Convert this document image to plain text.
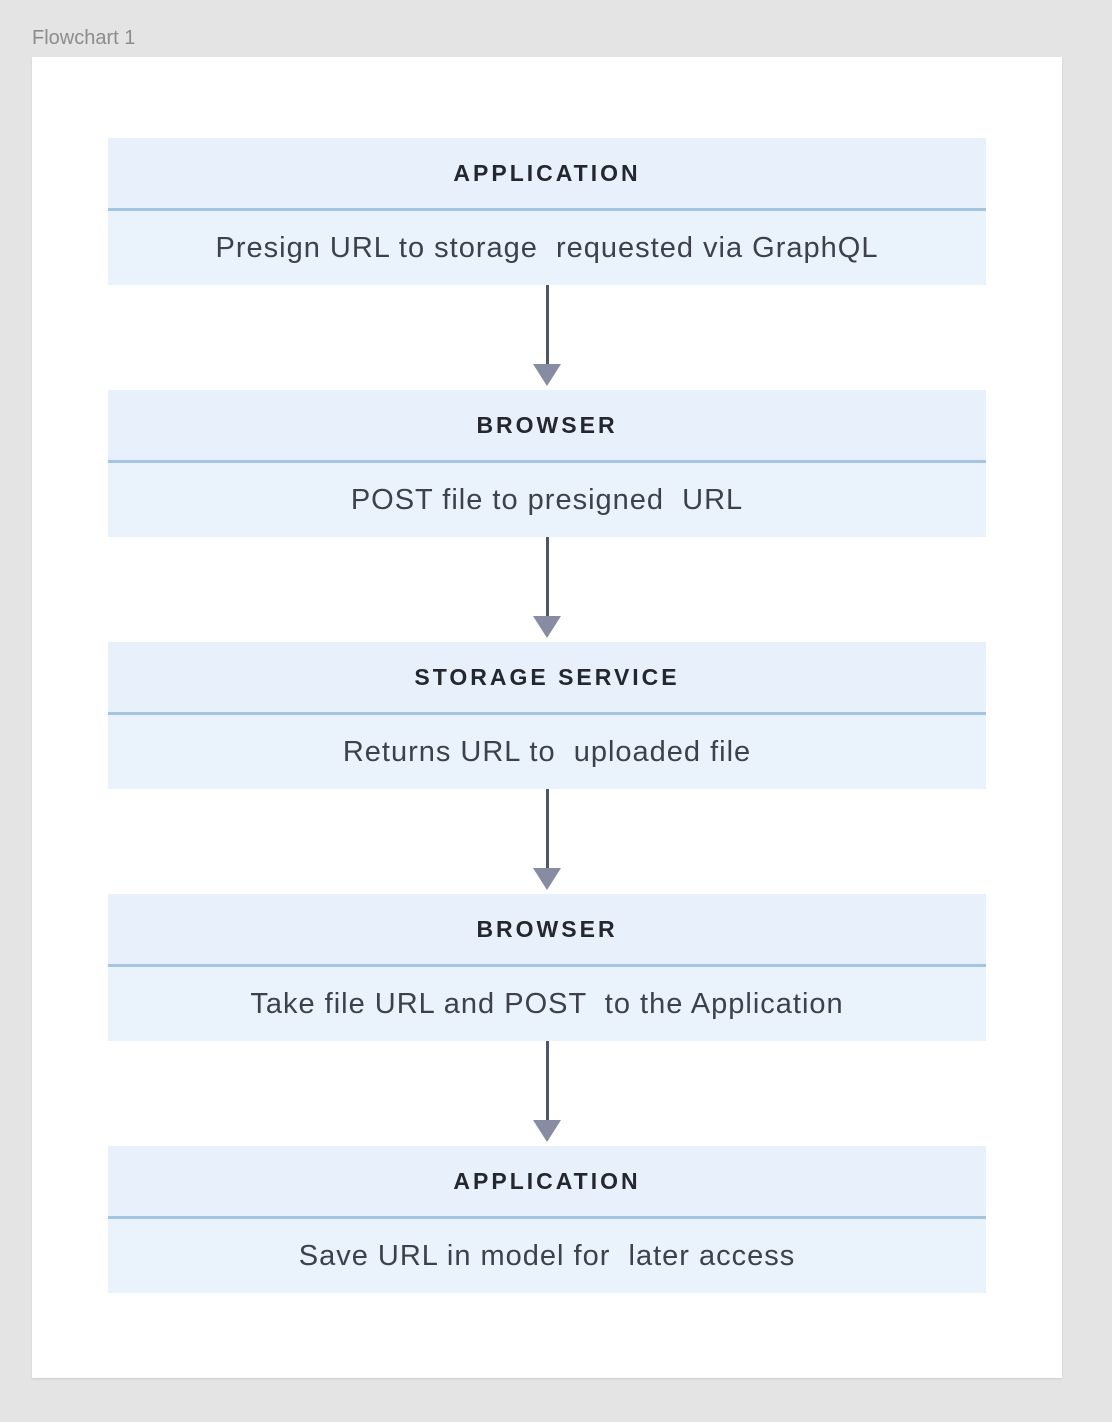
Flowchart 1
APPLICATION
Presign URL to storage  requested via GraphQL
BROWSER
POST file to presigned  URL
STORAGE SERVICE
Returns URL to  uploaded file
BROWSER
Take file URL and POST  to the Application
APPLICATION
Save URL in model for  later access
